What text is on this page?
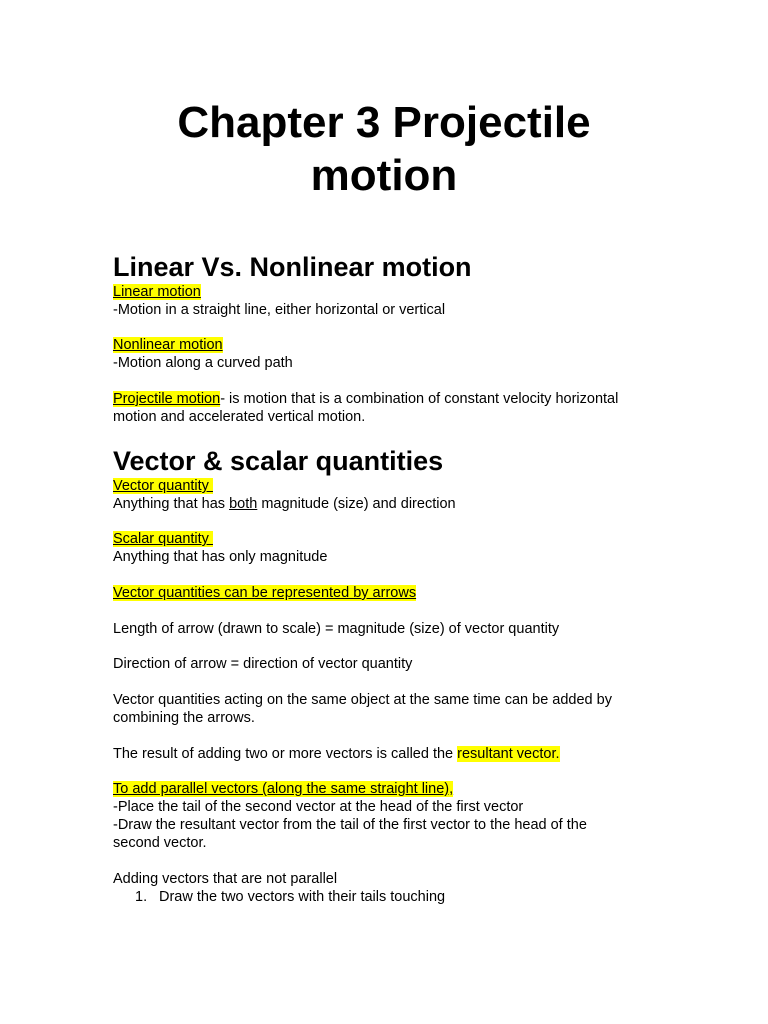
Chapter 3 Projectile
motion
Linear Vs. Nonlinear motion

Linear motion

-Motion in a straight line, either horizontal or vertical

Nonlinear motion

-Motion along a curved path

Projectile motion- is motion that is a combination of constant velocity horizontal

motion and accelerated vertical motion.

Vector & scalar quantities

Vector quantity

Anything that has both magnitude (size) and direction

Scalar quantity

Anything that has only magnitude

Vector quantities can be represented by arrows

Length of arrow (drawn to scale) = magnitude (size) of vector quantity

Direction of arrow = direction of vector quantity

Vector quantities acting on the same object at the same time can be added by

combining the arrows.

The result of adding two or more vectors is called the resultant vector.

To add parallel vectors (along the same straight line),

-Place the tail of the second vector at the head of the first vector

-Draw the resultant vector from the tail of the first vector to the head of the

second vector.

Adding vectors that are not parallel

1. Draw the two vectors with their tails touching
